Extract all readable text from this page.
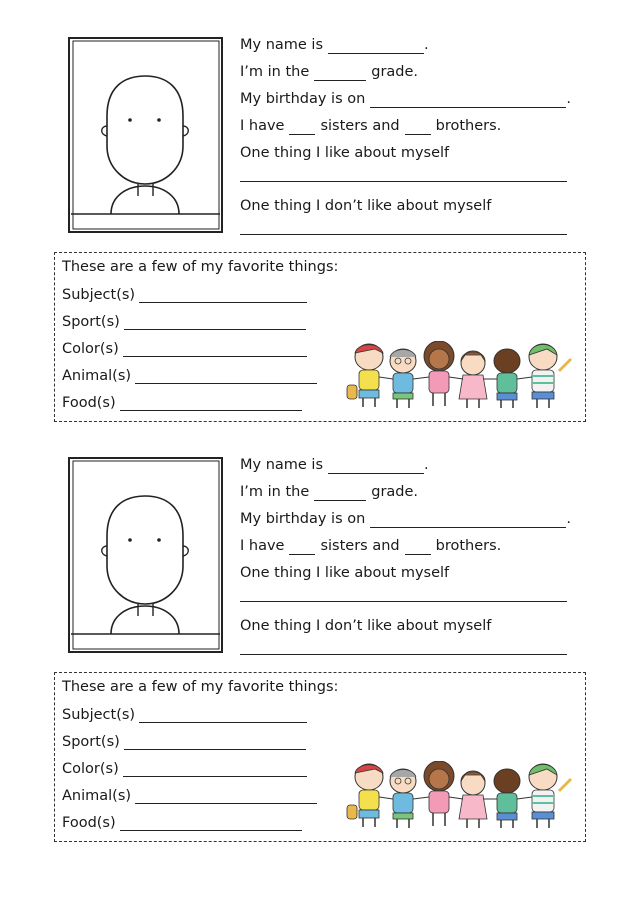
My name is	.
I’m in the	grade.
My birthday is on	.
I have sisters and brothers.
One thing I like about myself
One thing I don’t like about myself
These are a few of my favorite things:
Subject(s)
Sport(s)
Color(s)
Animal(s)
Food(s)
My name is	.
I’m in the	grade.
My birthday is on	.
I have sisters and brothers.
One thing I like about myself
One thing I don’t like about myself
These are a few of my favorite things:
Subject(s)
Sport(s)
Color(s)
Animal(s)
Food(s)
